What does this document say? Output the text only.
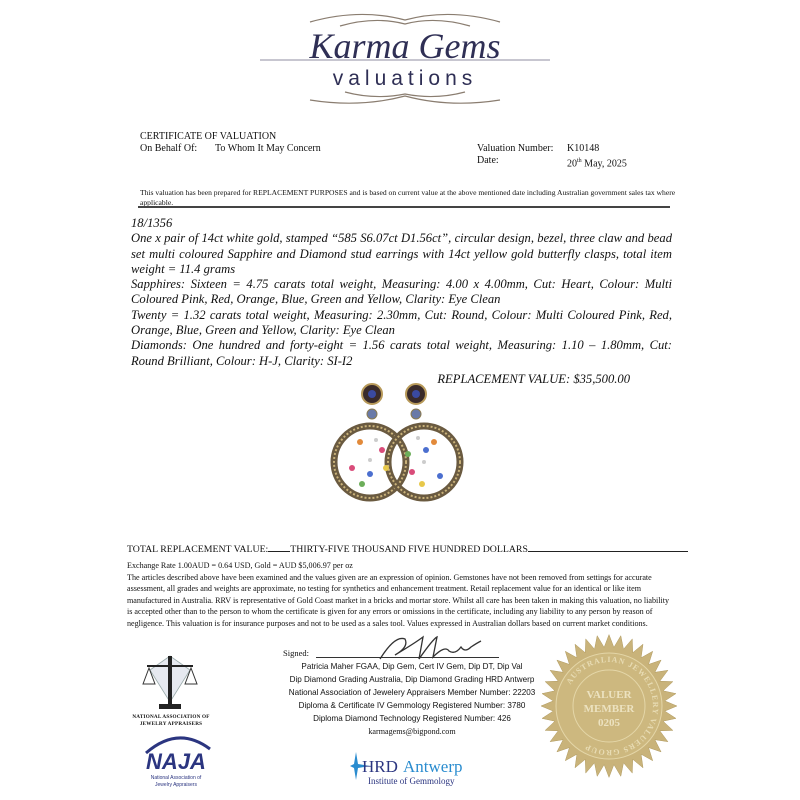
Karma Gems
valuations
CERTIFICATE OF VALUATION
On Behalf Of: To Whom It May Concern	Valuation Number: K10148
Date:	20th May, 2025
This valuation has been prepared for REPLACEMENT PURPOSES and is based on current value at the above mentioned date including Australian government sales tax where applicable.

18/1356

One x pair of 14ct white gold, stamped “585 S6.07ct D1.56ct”, circular design, bezel, three claw and bead set multi coloured Sapphire and Diamond stud earrings with 14ct yellow gold butterfly clasps, total item weight = 11.4 grams

Sapphires: Sixteen = 4.75 carats total weight, Measuring: 4.00 x 4.00mm, Cut: Heart, Colour: Multi Coloured Pink, Red, Orange, Blue, Green and Yellow, Clarity: Eye Clean

Twenty = 1.32 carats total weight, Measuring: 2.30mm, Cut: Round, Colour: Multi Coloured Pink, Red, Orange, Blue, Green and Yellow, Clarity: Eye Clean

Diamonds: One hundred and forty-eight = 1.56 carats total weight, Measuring: 1.10 – 1.80mm, Cut: Round Brilliant, Colour: H-J, Clarity: SI-I2

REPLACEMENT VALUE: $35,500.00

TOTAL REPLACEMENT VALUE: THIRTY-FIVE THOUSAND FIVE HUNDRED DOLLARS

Exchange Rate 1.00AUD = 0.64 USD, Gold = AUD $5,006.97 per oz

The articles described above have been examined and the values given are an expression of opinion. Gemstones have not been removed from settings for accurate assessment, all grades and weights are approximate, no testing for synthetics and enhancement treatment. Retail replacement value for an identical or like item manufactured in Australia. RRV is representative of Gold Coast market in a bricks and mortar store. Whilst all care has been taken in making this valuation, no liability is accepted other than to the person to whom the certificate is given for any errors or omissions in the certificate, including any liability to any person by reason of negligence. This valuation is for insurance purposes and not to be used as a sales tool. Values expressed in Australian dollars based on current market conditions.

Signed:
Patricia Maher FGAA, Dip Gem, Cert IV Gem, Dip DT, Dip Val
Dip Diamond Grading Australia, Dip Diamond Grading HRD Antwerp
National Association of Jewelery Appraisers Member Number: 22203
Diploma & Certificate IV Gemmology Registered Number: 3780
Diploma Diamond Technology Registered Number: 426
karmagems@bigpond.com
NATIONAL ASSOCIATION OF JEWELRY APPRAISERS
NAJA
National Association of
Jewelry Appraisers
HRD Antwerp
Institute of Gemmology
AUSTRALIAN JEWELLERY VALUERS GROUP
VALUER
MEMBER
0205
